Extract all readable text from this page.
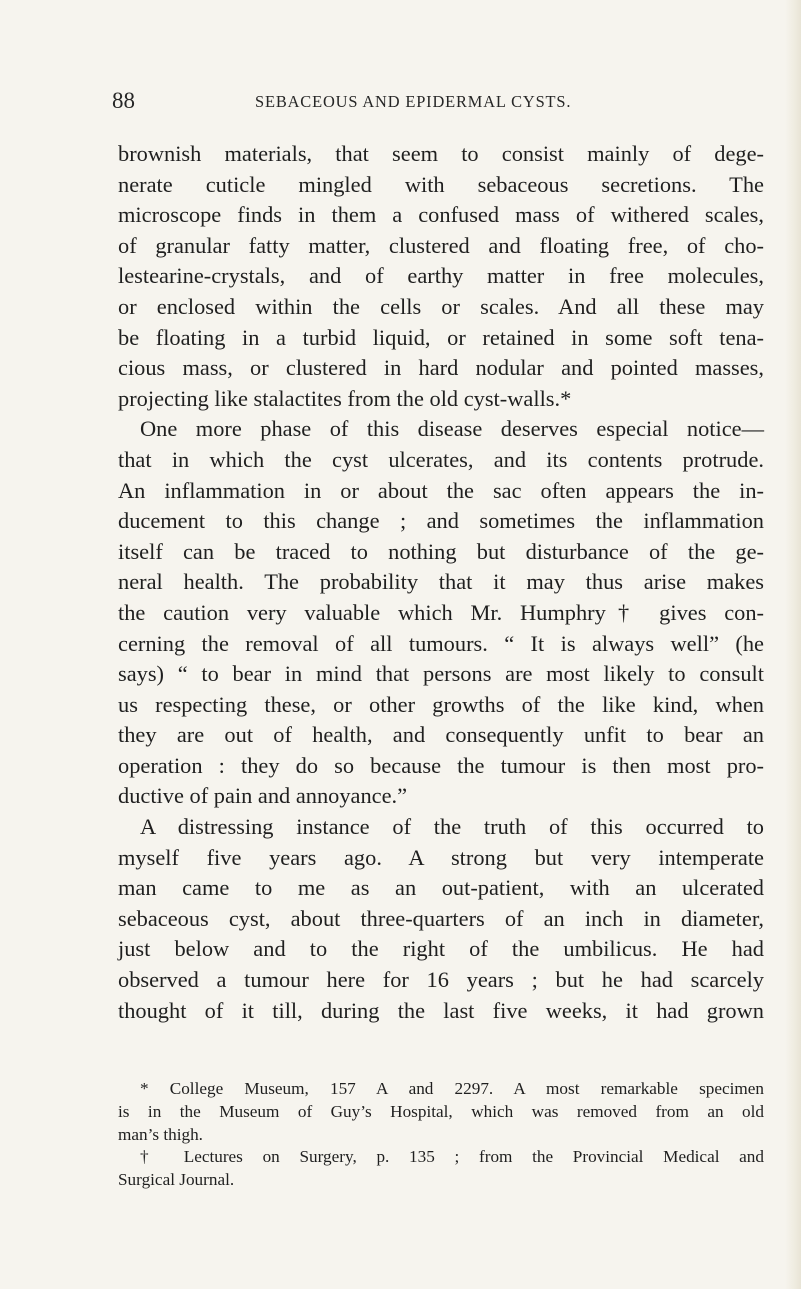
88	SEBACEOUS AND EPIDERMAL CYSTS.
brownish materials, that seem to consist mainly of dege-
nerate cuticle mingled with sebaceous secretions. The
microscope finds in them a confused mass of withered scales,
of granular fatty matter, clustered and floating free, of cho-
lestearine-crystals, and of earthy matter in free molecules,
or enclosed within the cells or scales. And all these may
be floating in a turbid liquid, or retained in some soft tena-
cious mass, or clustered in hard nodular and pointed masses,
projecting like stalactites from the old cyst-walls.*
One more phase of this disease deserves especial notice—
that in which the cyst ulcerates, and its contents protrude.
An inflammation in or about the sac often appears the in-
ducement to this change ; and sometimes the inflammation
itself can be traced to nothing but disturbance of the ge-
neral health. The probability that it may thus arise makes
the caution very valuable which Mr. Humphry† gives con-
cerning the removal of all tumours. “ It is always well” (he
says) “ to bear in mind that persons are most likely to consult
us respecting these, or other growths of the like kind, when
they are out of health, and consequently unfit to bear an
operation : they do so because the tumour is then most pro-
ductive of pain and annoyance.”
A distressing instance of the truth of this occurred to
myself five years ago. A strong but very intemperate
man came to me as an out-patient, with an ulcerated
sebaceous cyst, about three-quarters of an inch in diameter,
just below and to the right of the umbilicus. He had
observed a tumour here for 16 years ; but he had scarcely
thought of it till, during the last five weeks, it had grown
* College Museum, 157 A and 2297. A most remarkable specimen
is in the Museum of Guy’s Hospital, which was removed from an old
man’s thigh.
† Lectures on Surgery, p. 135 ; from the Provincial Medical and
Surgical Journal.
